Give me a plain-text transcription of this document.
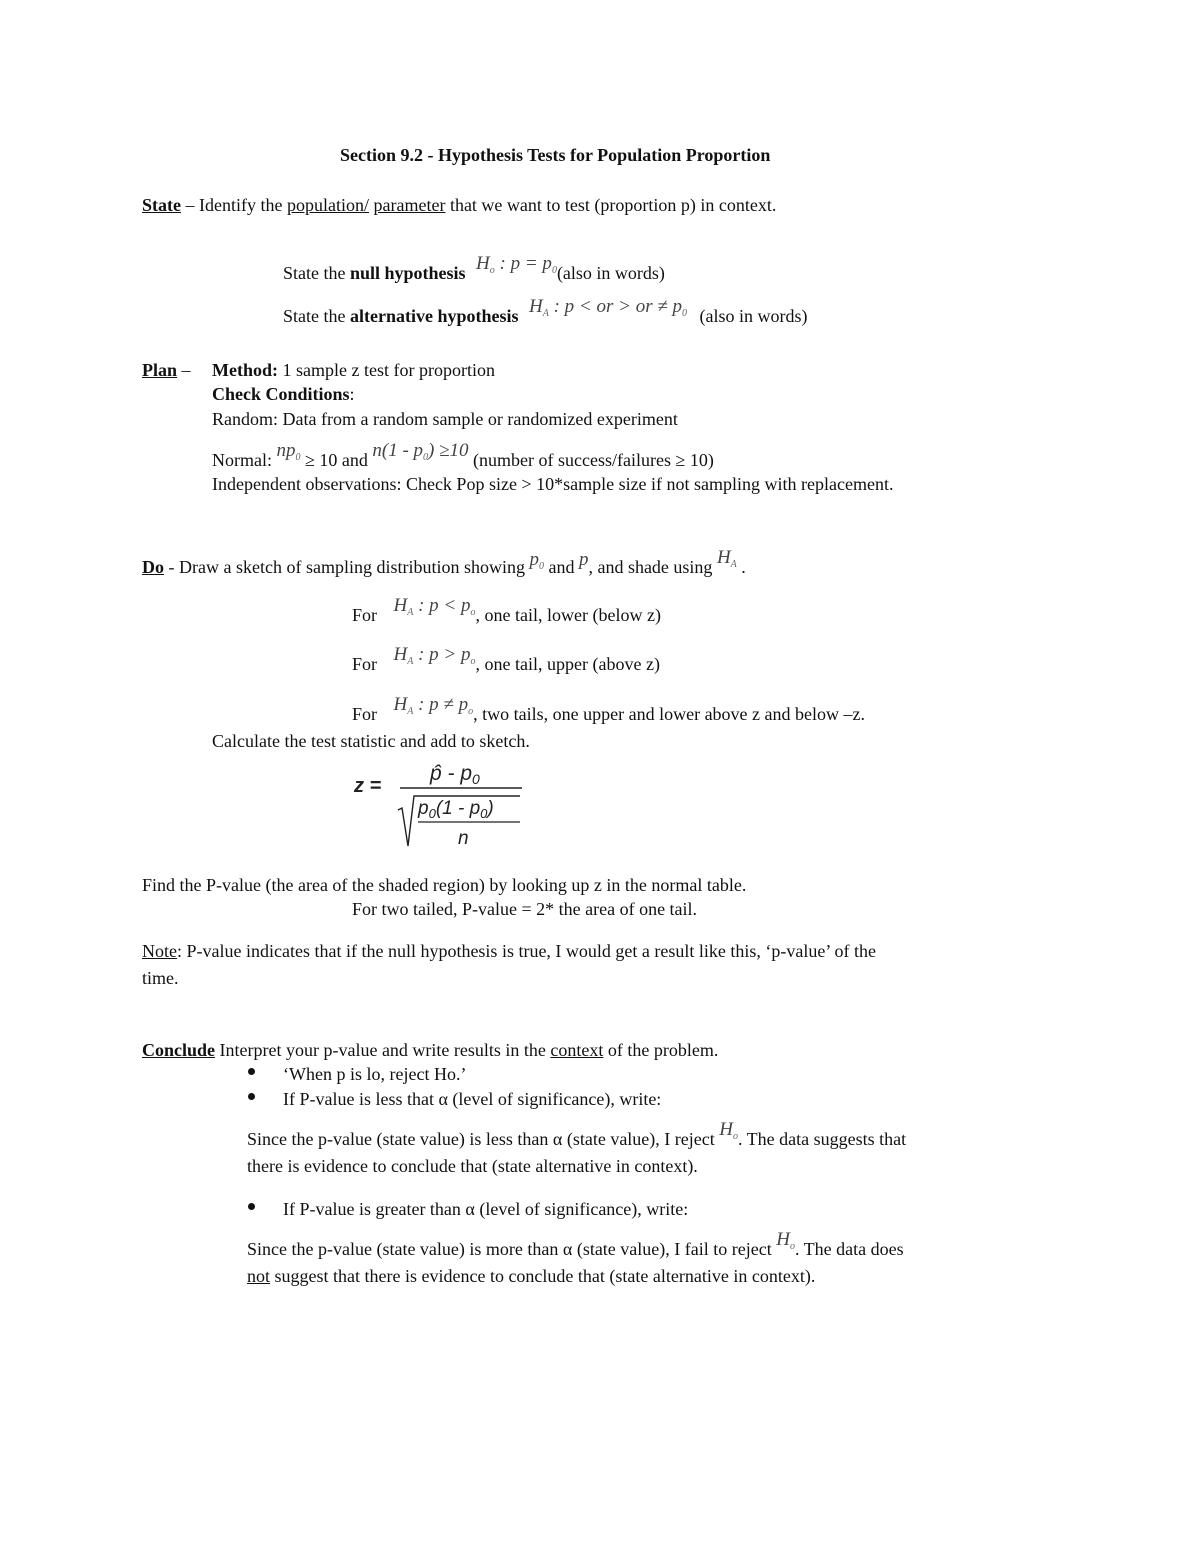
Section 9.2 - Hypothesis Tests for Population Proportion
State – Identify the population/ parameter that we want to test (proportion p) in context.
State the null hypothesis $H_o$ : $p = p_0(also$ in words)
State the alternative hypothesis $H_A$ : p < or > or ≠ $p_0$ (also in words)
Plan – Method: 1 sample z test for proportion
Check Conditions:
Random: Data from a random sample or randomized experiment
Normal: $np_0 \ge 10$ and $n(1 - p_0) \ge 10$ (number of success/failures ≥ 10)
Independent observations: Check Pop size > 10*sample size if not sampling with replacement.
Do - Draw a sketch of sampling distribution showing $p_0$ and p, and shade using $H_A$ .
For $H_A$ : $p < p_o$, one tail, lower (below z)
For $H_A$ : $p > p_o$, one tail, upper (above z)
For $H_A$ : $p \ne p_o$, two tails, one upper and lower above z and below –z.
Calculate the test statistic and add to sketch.
z =
p̂ - p0
$p_0(1 - p_0)$
n
Find the P-value (the area of the shaded region) by looking up z in the normal table.
For two tailed, P-value = 2* the area of one tail.
Note: P-value indicates that if the null hypothesis is true, I would get a result like this, ‘p-value’ of the
time.
Conclude Interpret your p-value and write results in the context of the problem.
‘When p is lo, reject Ho.’
If P-value is less that α (level of significance), write:
Since the p-value (state value) is less than α (state value), I reject $H_o$. The data suggests that
there is evidence to conclude that (state alternative in context).
If P-value is greater than α (level of significance), write:
Since the p-value (state value) is more than α (state value), I fail to reject $H_o$. The data does
not suggest that there is evidence to conclude that (state alternative in context).
